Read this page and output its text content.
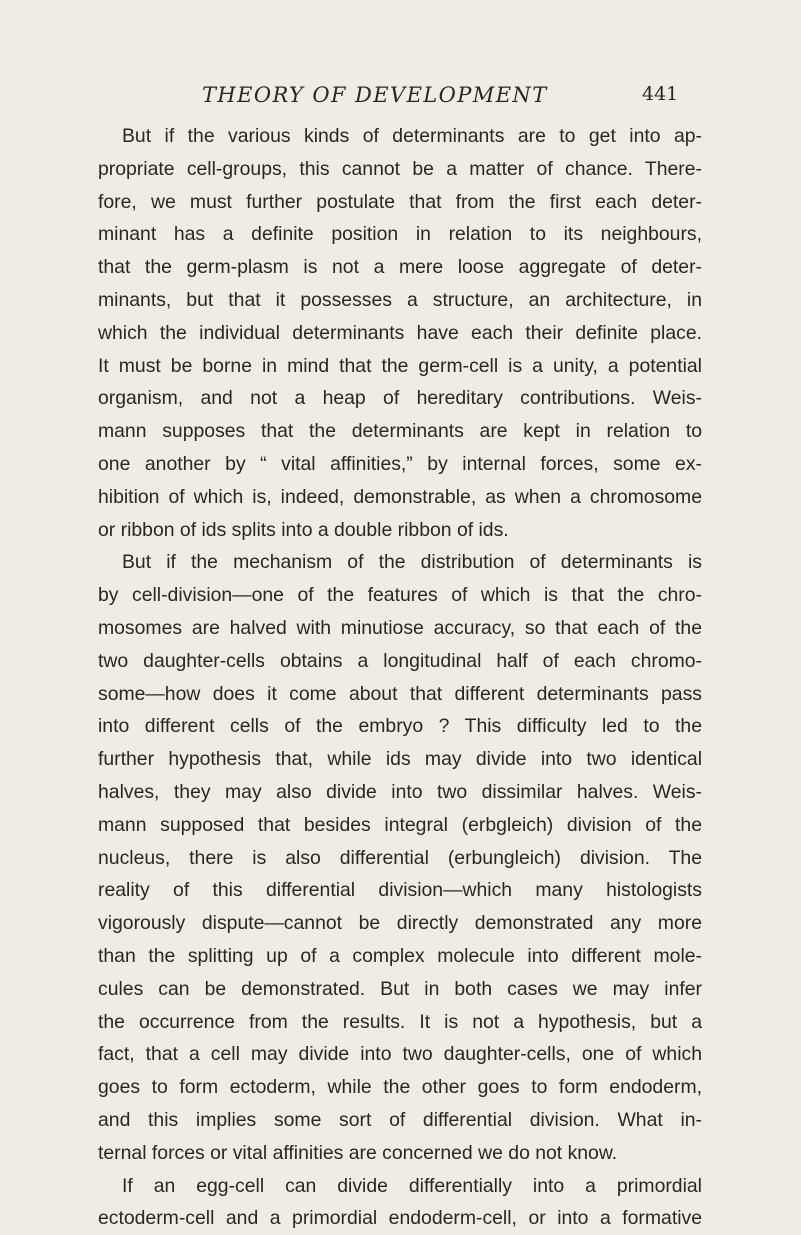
THEORY OF DEVELOPMENT	441
But if the various kinds of determinants are to get into ap-
propriate cell-groups, this cannot be a matter of chance. There-
fore, we must further postulate that from the first each deter-
minant has a definite position in relation to its neighbours,
that the germ-plasm is not a mere loose aggregate of deter-
minants, but that it possesses a structure, an architecture, in
which the individual determinants have each their definite place.
It must be borne in mind that the germ-cell is a unity, a potential
organism, and not a heap of hereditary contributions. Weis-
mann supposes that the determinants are kept in relation to
one another by “ vital affinities,” by internal forces, some ex-
hibition of which is, indeed, demonstrable, as when a chromosome
or ribbon of ids splits into a double ribbon of ids.
But if the mechanism of the distribution of determinants is
by cell-division—one of the features of which is that the chro-
mosomes are halved with minutiose accuracy, so that each of the
two daughter-cells obtains a longitudinal half of each chromo-
some—how does it come about that different determinants pass
into different cells of the embryo ? This difficulty led to the
further hypothesis that, while ids may divide into two identical
halves, they may also divide into two dissimilar halves. Weis-
mann supposed that besides integral (erbgleich) division of the
nucleus, there is also differential (erbungleich) division. The
reality of this differential division—which many histologists
vigorously dispute—cannot be directly demonstrated any more
than the splitting up of a complex molecule into different mole-
cules can be demonstrated. But in both cases we may infer
the occurrence from the results. It is not a hypothesis, but a
fact, that a cell may divide into two daughter-cells, one of which
goes to form ectoderm, while the other goes to form endoderm,
and this implies some sort of differential division. What in-
ternal forces or vital affinities are concerned we do not know.
If an egg-cell can divide differentially into a primordial
ectoderm-cell and a primordial endoderm-cell, or into a formative
